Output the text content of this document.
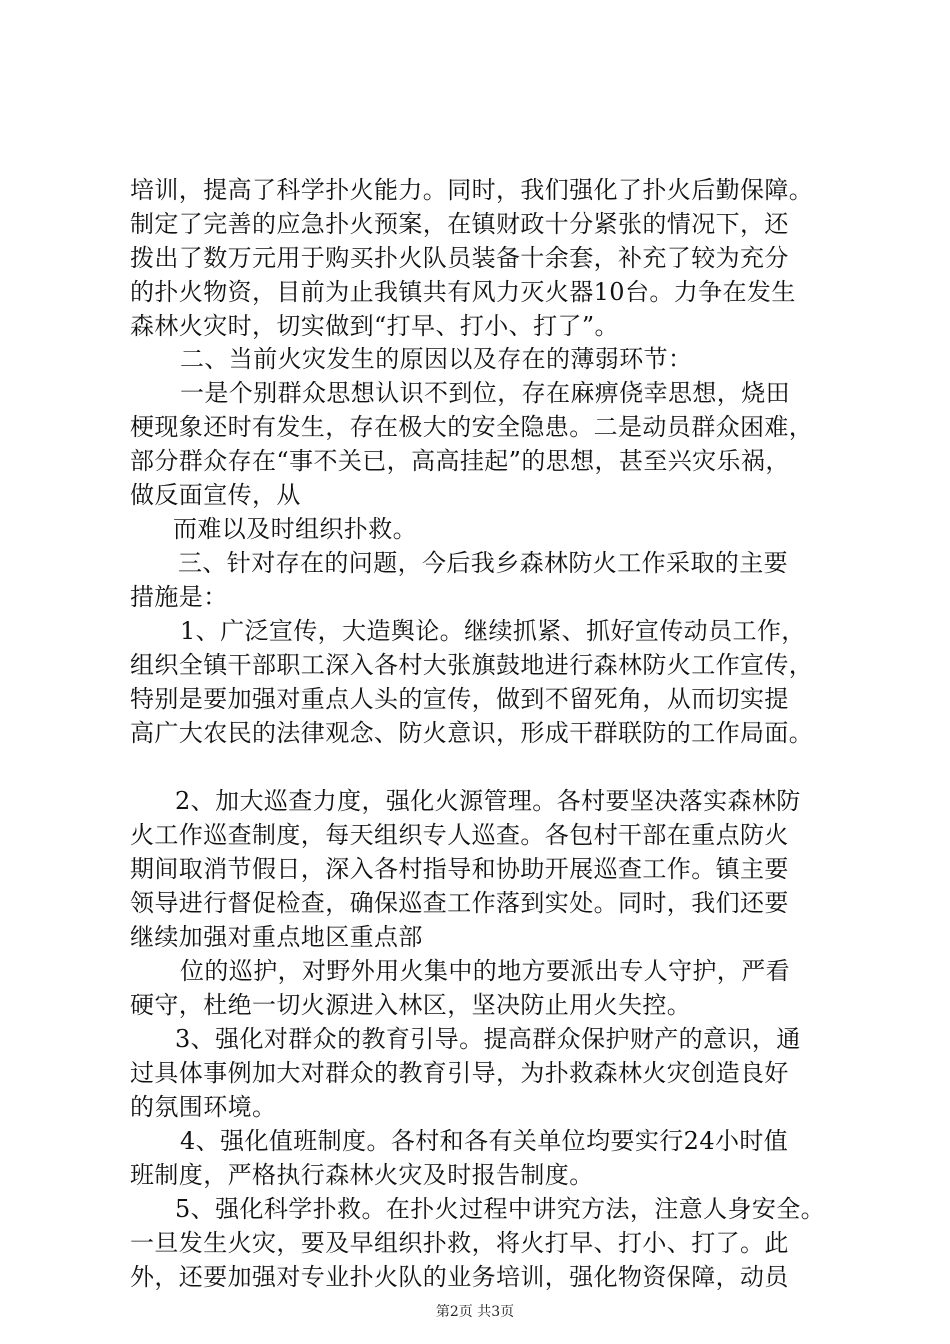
培训，提高了科学扑火能力。同时，我们强化了扑火后勤保障。
制定了完善的应急扑火预案，在镇财政十分紧张的情况下，还
拨出了数万元用于购买扑火队员装备十余套，补充了较为充分
的扑火物资，目前为止我镇共有风力灭火器10台。力争在发生
森林火灾时，切实做到“打早、打小、打了”。
二、当前火灾发生的原因以及存在的薄弱环节：
一是个别群众思想认识不到位，存在麻痹侥幸思想，烧田
梗现象还时有发生，存在极大的安全隐患。二是动员群众困难，
部分群众存在“事不关已，高高挂起”的思想，甚至兴灾乐祸，
做反面宣传，从
而难以及时组织扑救。
三、针对存在的问题，今后我乡森林防火工作采取的主要
措施是：
1、广泛宣传，大造舆论。继续抓紧、抓好宣传动员工作，
组织全镇干部职工深入各村大张旗鼓地进行森林防火工作宣传，
特别是要加强对重点人头的宣传，做到不留死角，从而切实提
高广大农民的法律观念、防火意识，形成干群联防的工作局面。
2、加大巡查力度，强化火源管理。各村要坚决落实森林防
火工作巡查制度，每天组织专人巡查。各包村干部在重点防火
期间取消节假日，深入各村指导和协助开展巡查工作。镇主要
领导进行督促检查，确保巡查工作落到实处。同时，我们还要
继续加强对重点地区重点部
位的巡护，对野外用火集中的地方要派出专人守护，严看
硬守，杜绝一切火源进入林区，坚决防止用火失控。
3、强化对群众的教育引导。提高群众保护财产的意识，通
过具体事例加大对群众的教育引导，为扑救森林火灾创造良好
的氛围环境。
4、强化值班制度。各村和各有关单位均要实行24小时值
班制度，严格执行森林火灾及时报告制度。
5、强化科学扑救。在扑火过程中讲究方法，注意人身安全。
一旦发生火灾，要及早组织扑救，将火打早、打小、打了。此
外，还要加强对专业扑火队的业务培训，强化物资保障，动员
第2页 共3页
